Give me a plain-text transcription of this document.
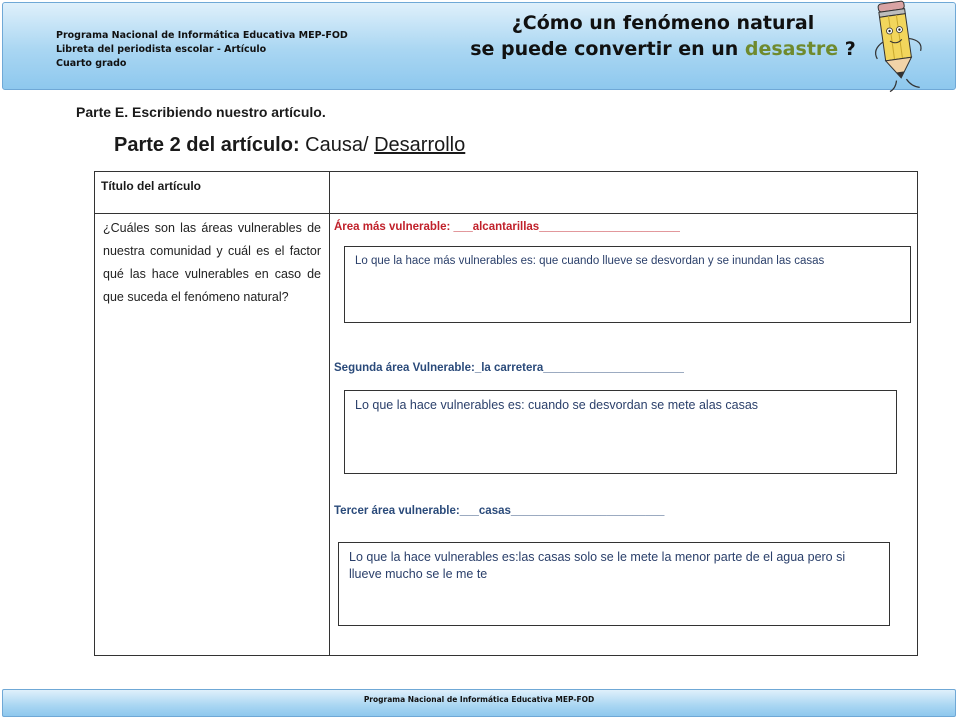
Programa Nacional de Informática Educativa MEP-FOD
Libreta del periodista escolar - Artículo
Cuarto grado
¿Cómo un fenómeno natural
se puede convertir en un desastre ?
Parte E. Escribiendo nuestro artículo.
Parte 2 del artículo: Causa/ Desarrollo
Título del artículo
¿Cuáles son las áreas vulnerables de nuestra comunidad y cuál es el factor qué las hace vulnerables en caso de que suceda el fenómeno natural?
Área más vulnerable: ___alcantarillas______________________
Lo que la hace más vulnerables es: que cuando llueve se desvordan y se inundan las casas
Segunda área Vulnerable:_la carretera______________________
Lo que la hace vulnerables es: cuando se desvordan se mete alas casas
Tercer área vulnerable:___casas________________________
Lo que la hace vulnerables es:las casas solo se le mete la menor parte de el agua pero si llueve mucho se le me te
Programa Nacional de Informática Educativa MEP-FOD
